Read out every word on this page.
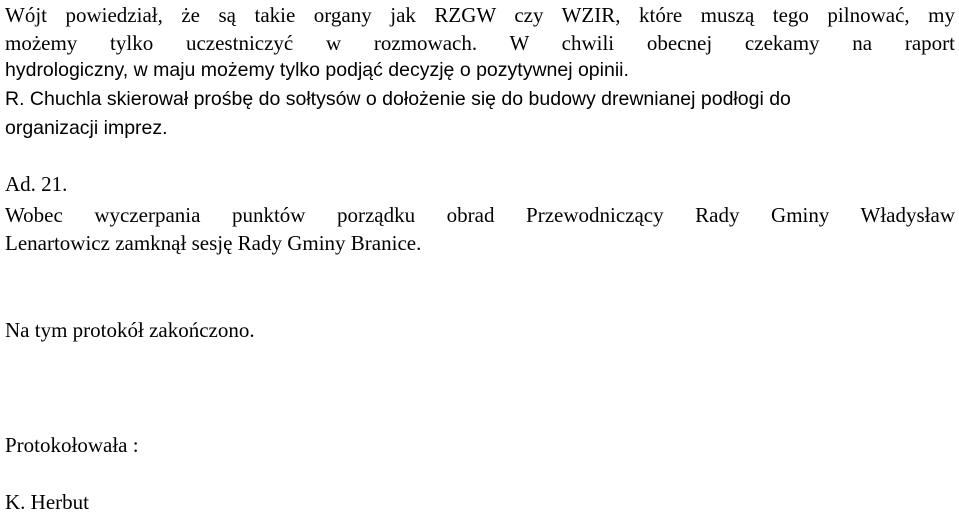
Wójt powiedział, że są takie organy jak RZGW czy WZIR, które muszą tego pilnować, my
możemy tylko uczestniczyć w rozmowach. W chwili obecnej czekamy na raport
hydrologiczny, w maju możemy tylko podjąć decyzję o pozytywnej opinii.
R. Chuchla skierował prośbę do sołtysów o dołożenie się do budowy drewnianej podłogi do
organizacji imprez.
Ad. 21.
Wobec wyczerpania punktów porządku obrad Przewodniczący Rady Gminy Władysław
Lenartowicz zamknął sesję Rady Gminy Branice.
Na tym protokół zakończono.
Protokołowała :
K. Herbut
